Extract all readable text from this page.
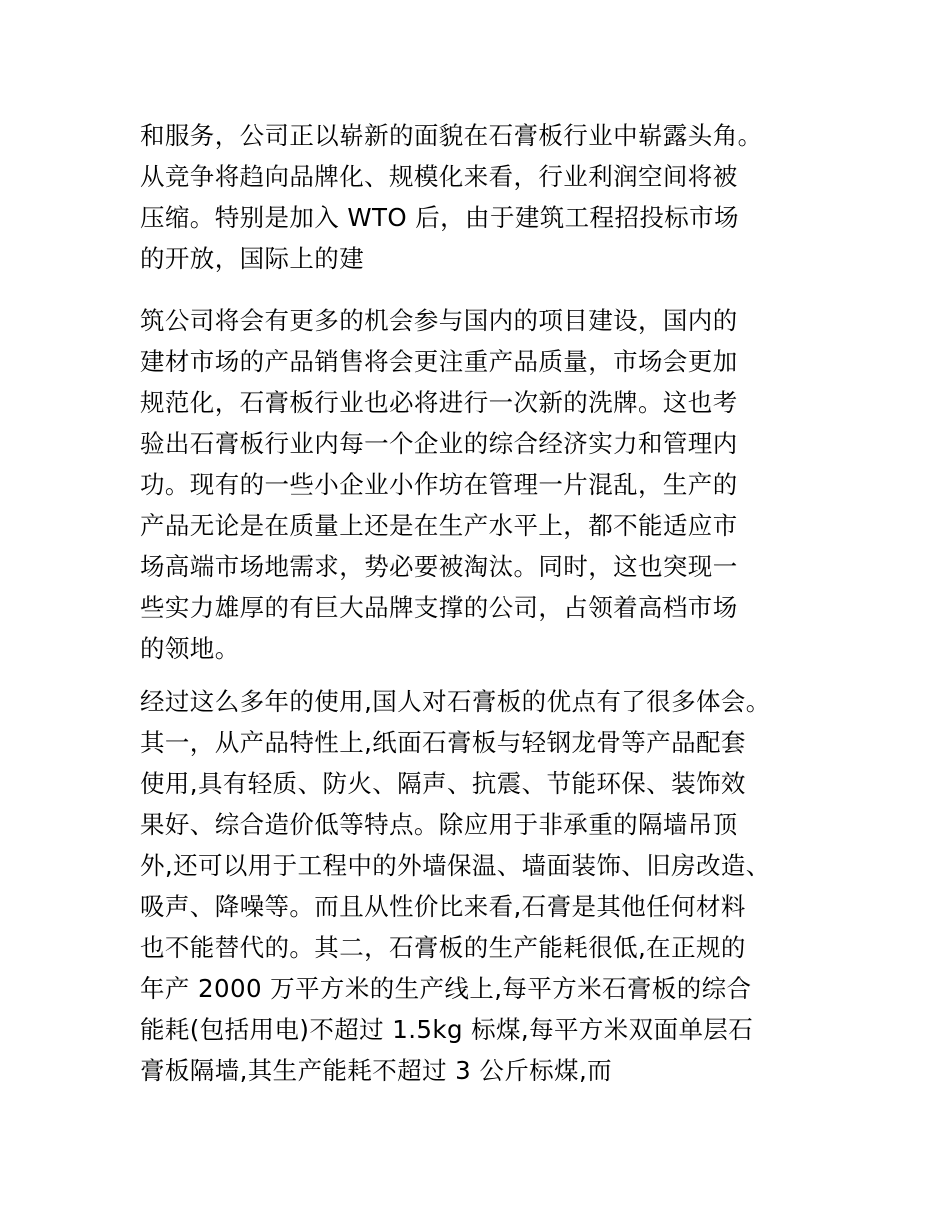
和服务，公司正以崭新的面貌在石膏板行业中崭露头角。
从竞争将趋向品牌化、规模化来看，行业利润空间将被
压缩。特别是加入 WTO 后，由于建筑工程招投标市场
的开放，国际上的建
筑公司将会有更多的机会参与国内的项目建设，国内的
建材市场的产品销售将会更注重产品质量，市场会更加
规范化，石膏板行业也必将进行一次新的洗牌。这也考
验出石膏板行业内每一个企业的综合经济实力和管理内
功。现有的一些小企业小作坊在管理一片混乱，生产的
产品无论是在质量上还是在生产水平上，都不能适应市
场高端市场地需求，势必要被淘汰。同时，这也突现一
些实力雄厚的有巨大品牌支撑的公司，占领着高档市场
的领地。
经过这么多年的使用,国人对石膏板的优点有了很多体会。
其一，从产品特性上,纸面石膏板与轻钢龙骨等产品配套
使用,具有轻质、防火、隔声、抗震、节能环保、装饰效
果好、综合造价低等特点。除应用于非承重的隔墙吊顶
外,还可以用于工程中的外墙保温、墙面装饰、旧房改造、
吸声、降噪等。而且从性价比来看,石膏是其他任何材料
也不能替代的。其二，石膏板的生产能耗很低,在正规的
年产 2000 万平方米的生产线上,每平方米石膏板的综合
能耗(包括用电)不超过 1.5kg 标煤,每平方米双面单层石
膏板隔墙,其生产能耗不超过 3 公斤标煤,而
